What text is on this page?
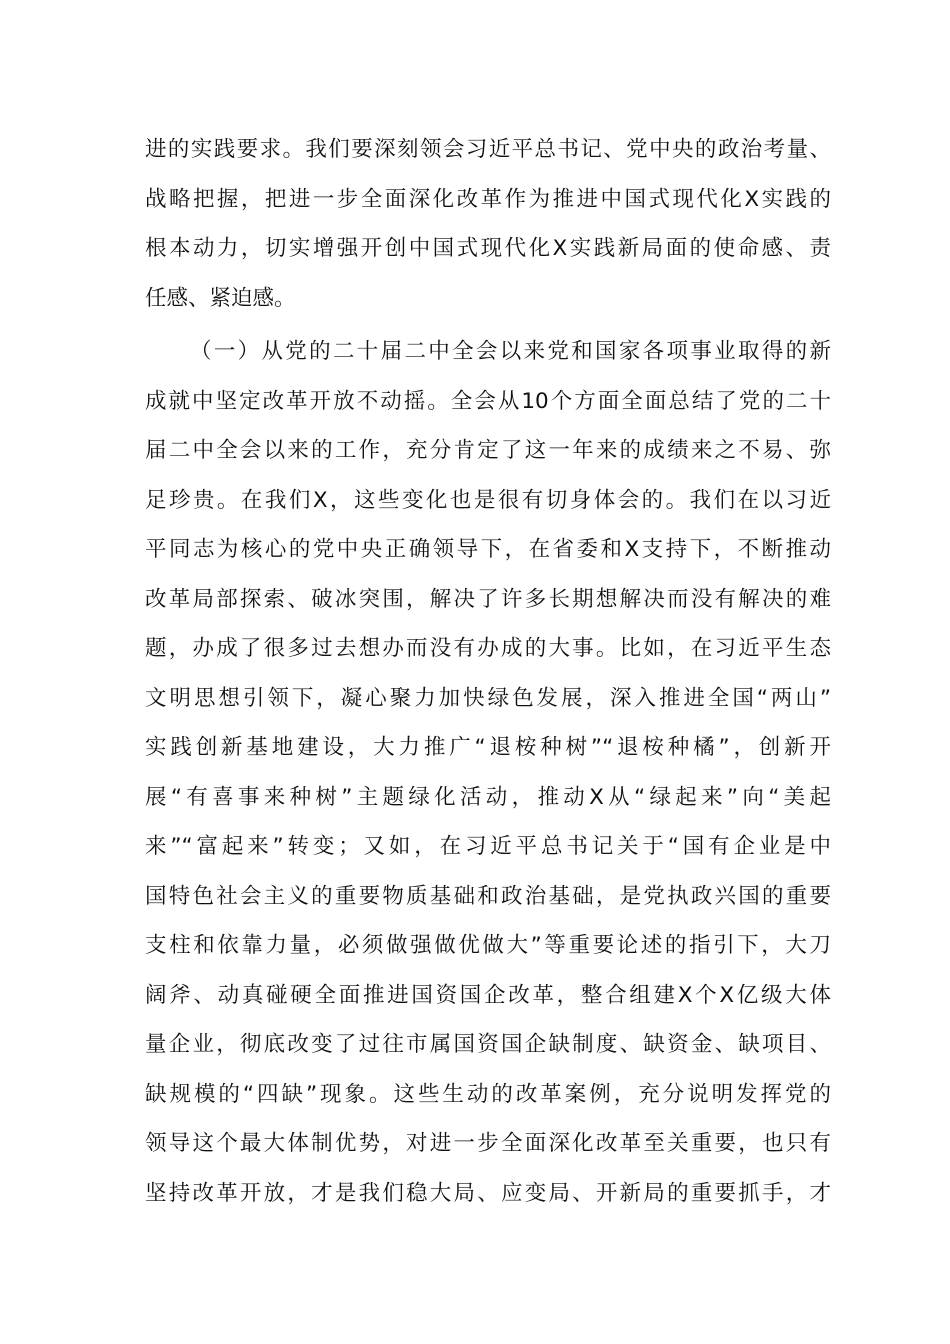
进的实践要求。我们要深刻领会习近平总书记、党中央的政治考量、
战略把握，把进一步全面深化改革作为推进中国式现代化X实践的
根本动力，切实增强开创中国式现代化X实践新局面的使命感、责
任感、紧迫感。
（一）从党的二十届二中全会以来党和国家各项事业取得的新
成就中坚定改革开放不动摇。全会从10个方面全面总结了党的二十
届二中全会以来的工作，充分肯定了这一年来的成绩来之不易、弥
足珍贵。在我们X，这些变化也是很有切身体会的。我们在以习近
平同志为核心的党中央正确领导下，在省委和X支持下，不断推动
改革局部探索、破冰突围，解决了许多长期想解决而没有解决的难
题，办成了很多过去想办而没有办成的大事。比如，在习近平生态
文明思想引领下，凝心聚力加快绿色发展，深入推进全国“两山”
实践创新基地建设，大力推广“退桉种树”“退桉种橘”，创新开
展“有喜事来种树”主题绿化活动，推动X从“绿起来”向“美起
来”“富起来”转变；又如，在习近平总书记关于“国有企业是中
国特色社会主义的重要物质基础和政治基础，是党执政兴国的重要
支柱和依靠力量，必须做强做优做大”等重要论述的指引下，大刀
阔斧、动真碰硬全面推进国资国企改革，整合组建X个X亿级大体
量企业，彻底改变了过往市属国资国企缺制度、缺资金、缺项目、
缺规模的“四缺”现象。这些生动的改革案例，充分说明发挥党的
领导这个最大体制优势，对进一步全面深化改革至关重要，也只有
坚持改革开放，才是我们稳大局、应变局、开新局的重要抓手，才
